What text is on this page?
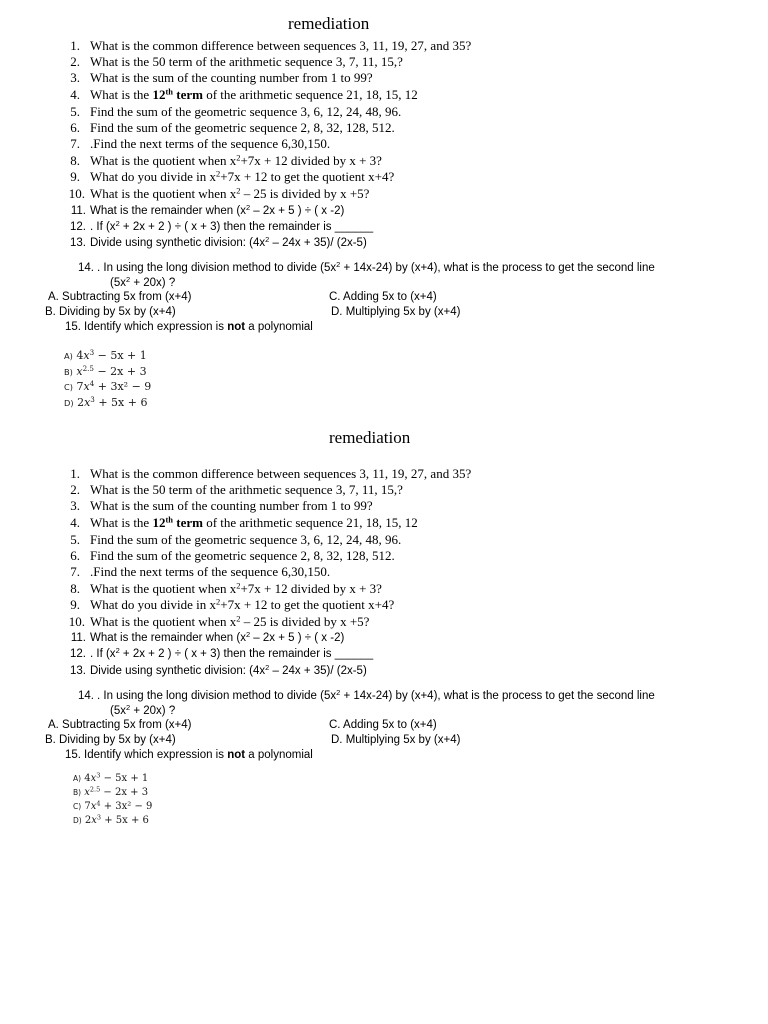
remediation
1. What is the common difference between sequences 3, 11, 19, 27, and 35?
2. What is the 50 term of the arithmetic sequence 3, 7, 11, 15,?
3. What is the sum of the counting number from 1 to 99?
4. What is the 12th term of the arithmetic sequence 21, 18, 15, 12
5. Find the sum of the geometric sequence 3, 6, 12, 24, 48, 96.
6. Find the sum of the geometric sequence 2, 8, 32, 128, 512.
7. .Find the next terms of the sequence 6,30,150.
8. What is the quotient when $x^2+7x + 12$ divided by x + 3?
9. What do you divide in $x^2+7x + 12$ to get the quotient x+4?
10. What is the quotient when $x^2 - 25$ is divided by x +5?
11. What is the remainder when ($x^2 - 2x + 5$ ) ÷ ( x -2)
12. . If ($x^2 + 2x + 2$ ) ÷ ( x + 3) then the remainder is ______
13. Divide using synthetic division: $(4x^2 - 24x + 35)/$ (2x-5)
14. . In using the long division method to divide $(5x^2 + 14x-24)$ by (x+4), what is the process to get the second line
$(5x^2 + 20x)$ ?
A. Subtracting 5x from (x+4)	C. Adding 5x to (x+4)
B. Dividing by 5x by (x+4)	D. Multiplying 5x by (x+4)
15. Identify which expression is not a polynomial
A) $4x^3 - 5x + 1$
B) $x^{2.5} - 2x + 3$
C) $7x^4 + 3x^2 - 9$
D) $2x^3 + 5x + 6$
remediation
1. What is the common difference between sequences 3, 11, 19, 27, and 35?
2. What is the 50 term of the arithmetic sequence 3, 7, 11, 15,?
3. What is the sum of the counting number from 1 to 99?
4. What is the 12th term of the arithmetic sequence 21, 18, 15, 12
5. Find the sum of the geometric sequence 3, 6, 12, 24, 48, 96.
6. Find the sum of the geometric sequence 2, 8, 32, 128, 512.
7. .Find the next terms of the sequence 6,30,150.
8. What is the quotient when $x^2+7x + 12$ divided by x + 3?
9. What do you divide in $x^2+7x + 12$ to get the quotient x+4?
10. What is the quotient when $x^2 - 25$ is divided by x +5?
11. What is the remainder when ($x^2 - 2x + 5$ ) ÷ ( x -2)
12. . If ($x^2 + 2x + 2$ ) ÷ ( x + 3) then the remainder is ______
13. Divide using synthetic division: $(4x^2 - 24x + 35)/$ (2x-5)
14. . In using the long division method to divide $(5x^2 + 14x-24)$ by (x+4), what is the process to get the second line
$(5x^2 + 20x)$ ?
A. Subtracting 5x from (x+4)	C. Adding 5x to (x+4)
B. Dividing by 5x by (x+4)	D. Multiplying 5x by (x+4)
15. Identify which expression is not a polynomial
A) $4x^3 - 5x + 1$
B) $x^{2.5} - 2x + 3$
C) $7x^4 + 3x^2 - 9$
D) $2x^3 + 5x + 6$
